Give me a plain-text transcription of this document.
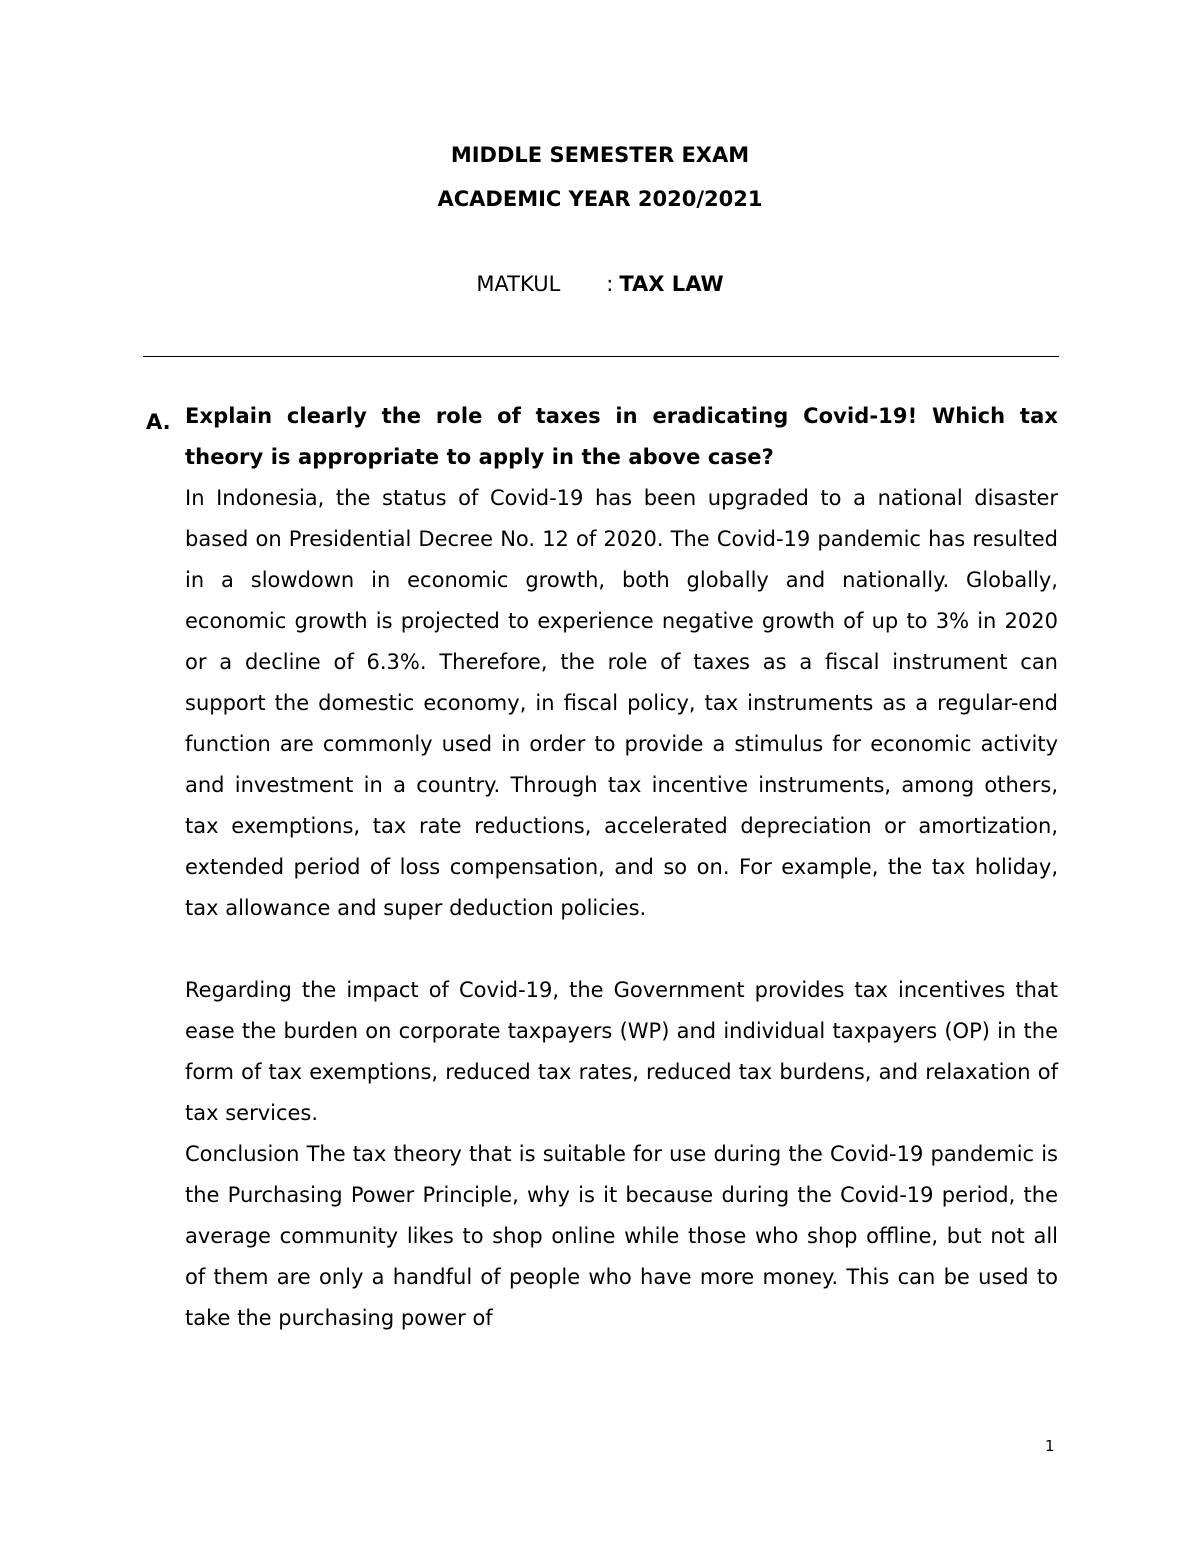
MIDDLE SEMESTER EXAM
ACADEMIC YEAR 2020/2021
MATKUL : TAX LAW
A. Explain clearly the role of taxes in eradicating Covid-19! Which tax theory is appropriate to apply in the above case?

In Indonesia, the status of Covid-19 has been upgraded to a national disaster based on Presidential Decree No. 12 of 2020. The Covid-19 pandemic has resulted in a slowdown in economic growth, both globally and nationally. Globally, economic growth is projected to experience negative growth of up to 3% in 2020 or a decline of 6.3%. Therefore, the role of taxes as a fiscal instrument can support the domestic economy, in fiscal policy, tax instruments as a regular-end function are commonly used in order to provide a stimulus for economic activity and investment in a country. Through tax incentive instruments, among others, tax exemptions, tax rate reductions, accelerated depreciation or amortization, extended period of loss compensation, and so on. For example, the tax holiday, tax allowance and super deduction policies.

Regarding the impact of Covid-19, the Government provides tax incentives that ease the burden on corporate taxpayers (WP) and individual taxpayers (OP) in the form of tax exemptions, reduced tax rates, reduced tax burdens, and relaxation of tax services.

Conclusion The tax theory that is suitable for use during the Covid-19 pandemic is the Purchasing Power Principle, why is it because during the Covid-19 period, the average community likes to shop online while those who shop offline, but not all of them are only a handful of people who have more money. This can be used to take the purchasing power of

1
